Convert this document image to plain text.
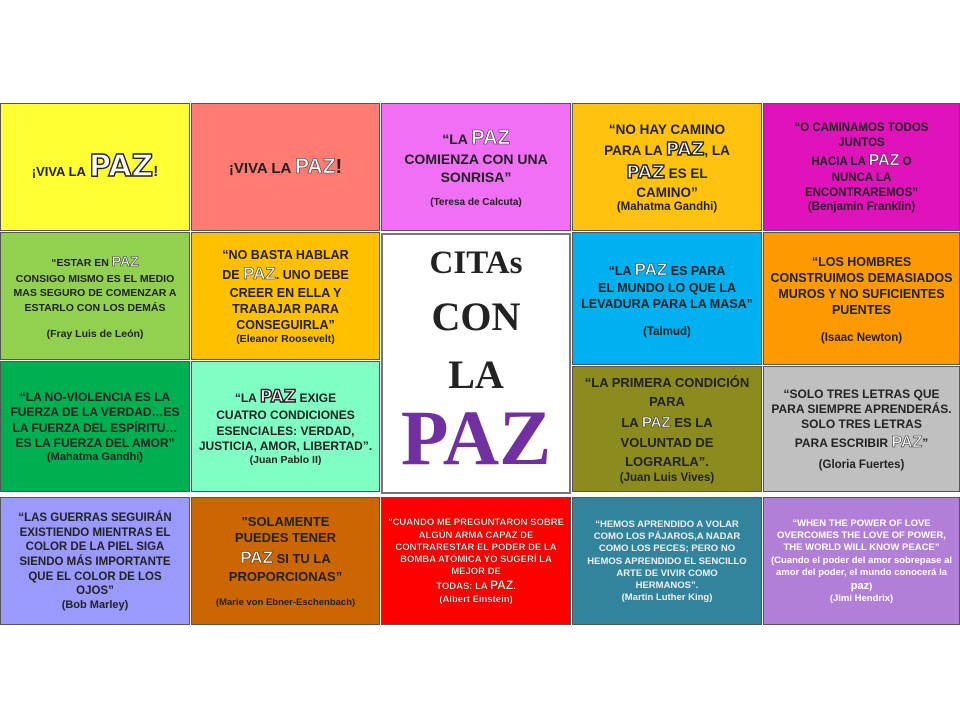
¡VIVA LA PAZ!	¡VIVA LA PAZ!
“LA PAZ
COMIENZA CON UNA SONRISA”
(Teresa de Calcuta)
“NO HAY CAMINO
PARA LA PAZ, LA
PAZ ES EL
CAMINO”
(Mahatma Gandhi)
“O CAMINAMOS TODOS JUNTOS
HACIA LA PAZ O
NUNCA LA ENCONTRAREMOS”
(Benjamin Franklin)
“ESTAR EN PAZ
CONSIGO MISMO ES EL MEDIO MAS SEGURO DE COMENZAR A ESTARLO CON LOS DEMÁS
(Fray Luis de León)
“NO BASTA HABLAR
DE PAZ. UNO DEBE
CREER EN ELLA Y TRABAJAR PARA CONSEGUIRLA”
(Eleanor Roosevelt)
CITAs
CON
LA
PAZ
“LA PAZ ES PARA
EL MUNDO LO QUE LA LEVADURA PARA LA MASA”
(Talmud)
“LOS HOMBRES CONSTRUIMOS DEMASIADOS MUROS Y NO SUFICIENTES PUENTES
(Isaac Newton)
“LA NO-VIOLENCIA ES LA FUERZA DE LA VERDAD…ES LA FUERZA DEL ESPÍRITU…ES LA FUERZA DEL AMOR”
(Mahatma Gandhi)
“LA PAZ EXIGE
CUATRO CONDICIONES ESENCIALES: VERDAD, JUSTICIA, AMOR, LIBERTAD”.
(Juan Pablo II)
“LA PRIMERA CONDICIÓN PARA
LA PAZ ES LA
VOLUNTAD DE LOGRARLA”.
(Juan Luis Vives)
“SOLO TRES LETRAS QUE PARA SIEMPRE APRENDERÁS.
SOLO TRES LETRAS
PARA ESCRIBIR PAZ”
(Gloria Fuertes)
“LAS GUERRAS SEGUIRÁN EXISTIENDO MIENTRAS EL COLOR DE LA PIEL SIGA SIENDO MÁS IMPORTANTE QUE EL COLOR DE LOS OJOS”
(Bob Marley)
"SOLAMENTE PUEDES TENER
PAZ SI TU LA
PROPORCIONAS”
(Marie von Ebner-Eschenbach)
"CUANDO ME PREGUNTARON SOBRE ALGÚN ARMA CAPAZ DE CONTRARESTAR EL PODER DE LA BOMBA ATÓMICA YO SUGERÍ LA MEJOR DE
TODAS: LA PAZ.
(Albert Einstein)
“HEMOS APRENDIDO A VOLAR COMO LOS PÁJAROS,A NADAR COMO LOS PECES; PERO NO HEMOS APRENDIDO EL SENCILLO ARTE DE VIVIR COMO HERMANOS”.
(Martin Luther King)
“WHEN THE POWER OF LOVE OVERCOMES THE LOVE OF POWER, THE WORLD WILL KNOW PEACE”
(Cuando el poder del amor sobrepase al amor del poder, el mundo conocerá la paz)
(Jimi Hendrix)
